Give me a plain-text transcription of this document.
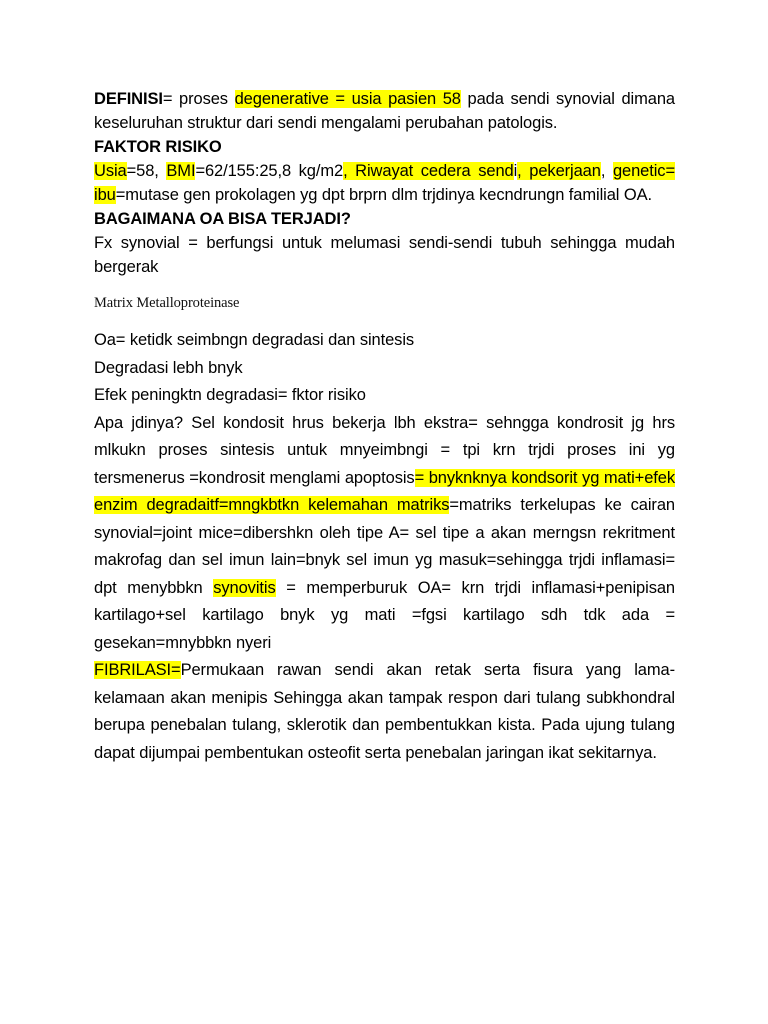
DEFINISI= proses degenerative = usia pasien 58 pada sendi synovial dimana keseluruhan struktur dari sendi mengalami perubahan patologis.

FAKTOR RISIKO

Usia=58, BMI=62/155:25,8 kg/m2, Riwayat cedera sendi, pekerjaan, genetic= ibu=mutase gen prokolagen yg dpt brprn dlm trjdinya kecndrungn familial OA.

BAGAIMANA OA BISA TERJADI?

Fx synovial = berfungsi untuk melumasi sendi-sendi tubuh sehingga mudah bergerak

Matrix Metalloproteinase

Oa= ketidk seimbngn degradasi dan sintesis

Degradasi lebh bnyk

Efek peningktn degradasi= fktor risiko

Apa jdinya? Sel kondosit hrus bekerja lbh ekstra= sehngga kondrosit jg hrs mlkukn proses sintesis untuk mnyeimbngi = tpi krn trjdi proses ini yg tersmenerus =kondrosit menglami apoptosis= bnyknknya kondsorit yg mati+efek enzim degradaitf=mngkbtkn kelemahan matriks=matriks terkelupas ke cairan synovial=joint mice=dibershkn oleh tipe A= sel tipe a akan merngsn rekritment makrofag dan sel imun lain=bnyk sel imun yg masuk=sehingga trjdi inflamasi= dpt menybbkn synovitis = memperburuk OA= krn trjdi inflamasi+penipisan kartilago+sel kartilago bnyk yg mati =fgsi kartilago sdh tdk ada = gesekan=mnybbkn nyeri

FIBRILASI=Permukaan rawan sendi akan retak serta fisura yang lama-kelamaan akan menipis Sehingga akan tampak respon dari tulang subkhondral berupa penebalan tulang, sklerotik dan pembentukkan kista. Pada ujung tulang dapat dijumpai pembentukan osteofit serta penebalan jaringan ikat sekitarnya.
